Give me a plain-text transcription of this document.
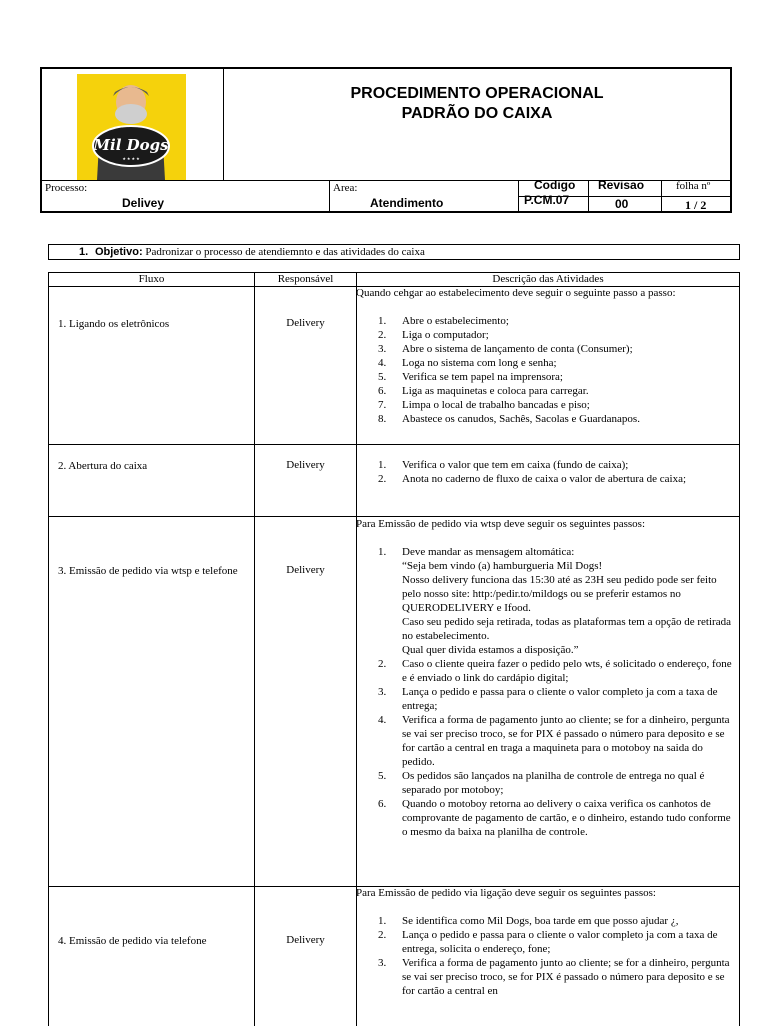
Mil Dogs
★ ★ ★ ★
PROCEDIMENTO OPERACIONAL
PADRÃO DO CAIXA
Processo:
Delivey
Area:
Atendimento
Codigo
P.CM.07
Revisao
00
folha nº
1 / 2
1. Objetivo: Padronizar o processo de atendiemnto e das atividades do caixa
Fluxo	Responsável	Descrição das Atividades
1. Ligando os eletrônicos	Delivery

Quando cehgar ao estabelecimento deve seguir o seguinte passo a passo:

1. Abre o estabelecimento;
2. Liga o computador;
3. Abre o sistema de lançamento de conta (Consumer);
4. Loga no sistema com long e senha;
5. Verifica se tem papel na imprensora;
6. Liga as maquinetas e coloca para carregar.
7. Limpa o local de trabalho bancadas e piso;
8. Abastece os canudos, Sachês, Sacolas e Guardanapos.
2. Abertura do caixa	Delivery	1. Verifica o valor que tem em caixa (fundo de caixa);
2. Anota no caderno de fluxo de caixa o valor de abertura de caixa;
3. Emissão de pedido via wtsp e telefone	Delivery

Para Emissão de pedido via wtsp deve seguir os seguintes passos:

1. Deve mandar as mensagem altomática:
“Seja bem vindo (a) hamburgueria Mil Dogs!
Nosso delivery funciona das 15:30 até as 23H seu pedido pode ser feito pelo nosso site: http:/pedir.to/mildogs ou se preferir estamos no QUERODELIVERY e Ifood.
Caso seu pedido seja retirada, todas as plataformas tem a opção de retirada no estabelecimento.
Qual quer divida estamos a disposição.”
2. Caso o cliente queira fazer o pedido pelo wts, é solicitado o endereço, fone e é enviado o link do cardápio digital;
3. Lança o pedido e passa para o cliente o valor completo ja com a taxa de entrega;
4. Verifica a forma de pagamento junto ao cliente; se for a dinheiro, pergunta se vai ser preciso troco, se for PIX é passado o número para deposito e se for cartão a central en traga a maquineta para o motoboy na saida do pedido.
5. Os pedidos são lançados na planilha de controle de entrega no qual é separado por motoboy;
6. Quando o motoboy retorna ao delivery o caixa verifica os canhotos de comprovante de pagamento de cartão, e o dinheiro, estando tudo conforme o mesmo da baixa na planilha de controle.
4. Emissão de pedido via telefone	Delivery

Para Emissão de pedido via ligação deve seguir os seguintes passos:

1. Se identifica como Mil Dogs, boa tarde em que posso ajudar ¿,
2. Lança o pedido e passa para o cliente o valor completo ja com a taxa de entrega, solicita o endereço, fone;
3. Verifica a forma de pagamento junto ao cliente; se for a dinheiro, pergunta se vai ser preciso troco, se for PIX é passado o número para deposito e se for cartão a central en
